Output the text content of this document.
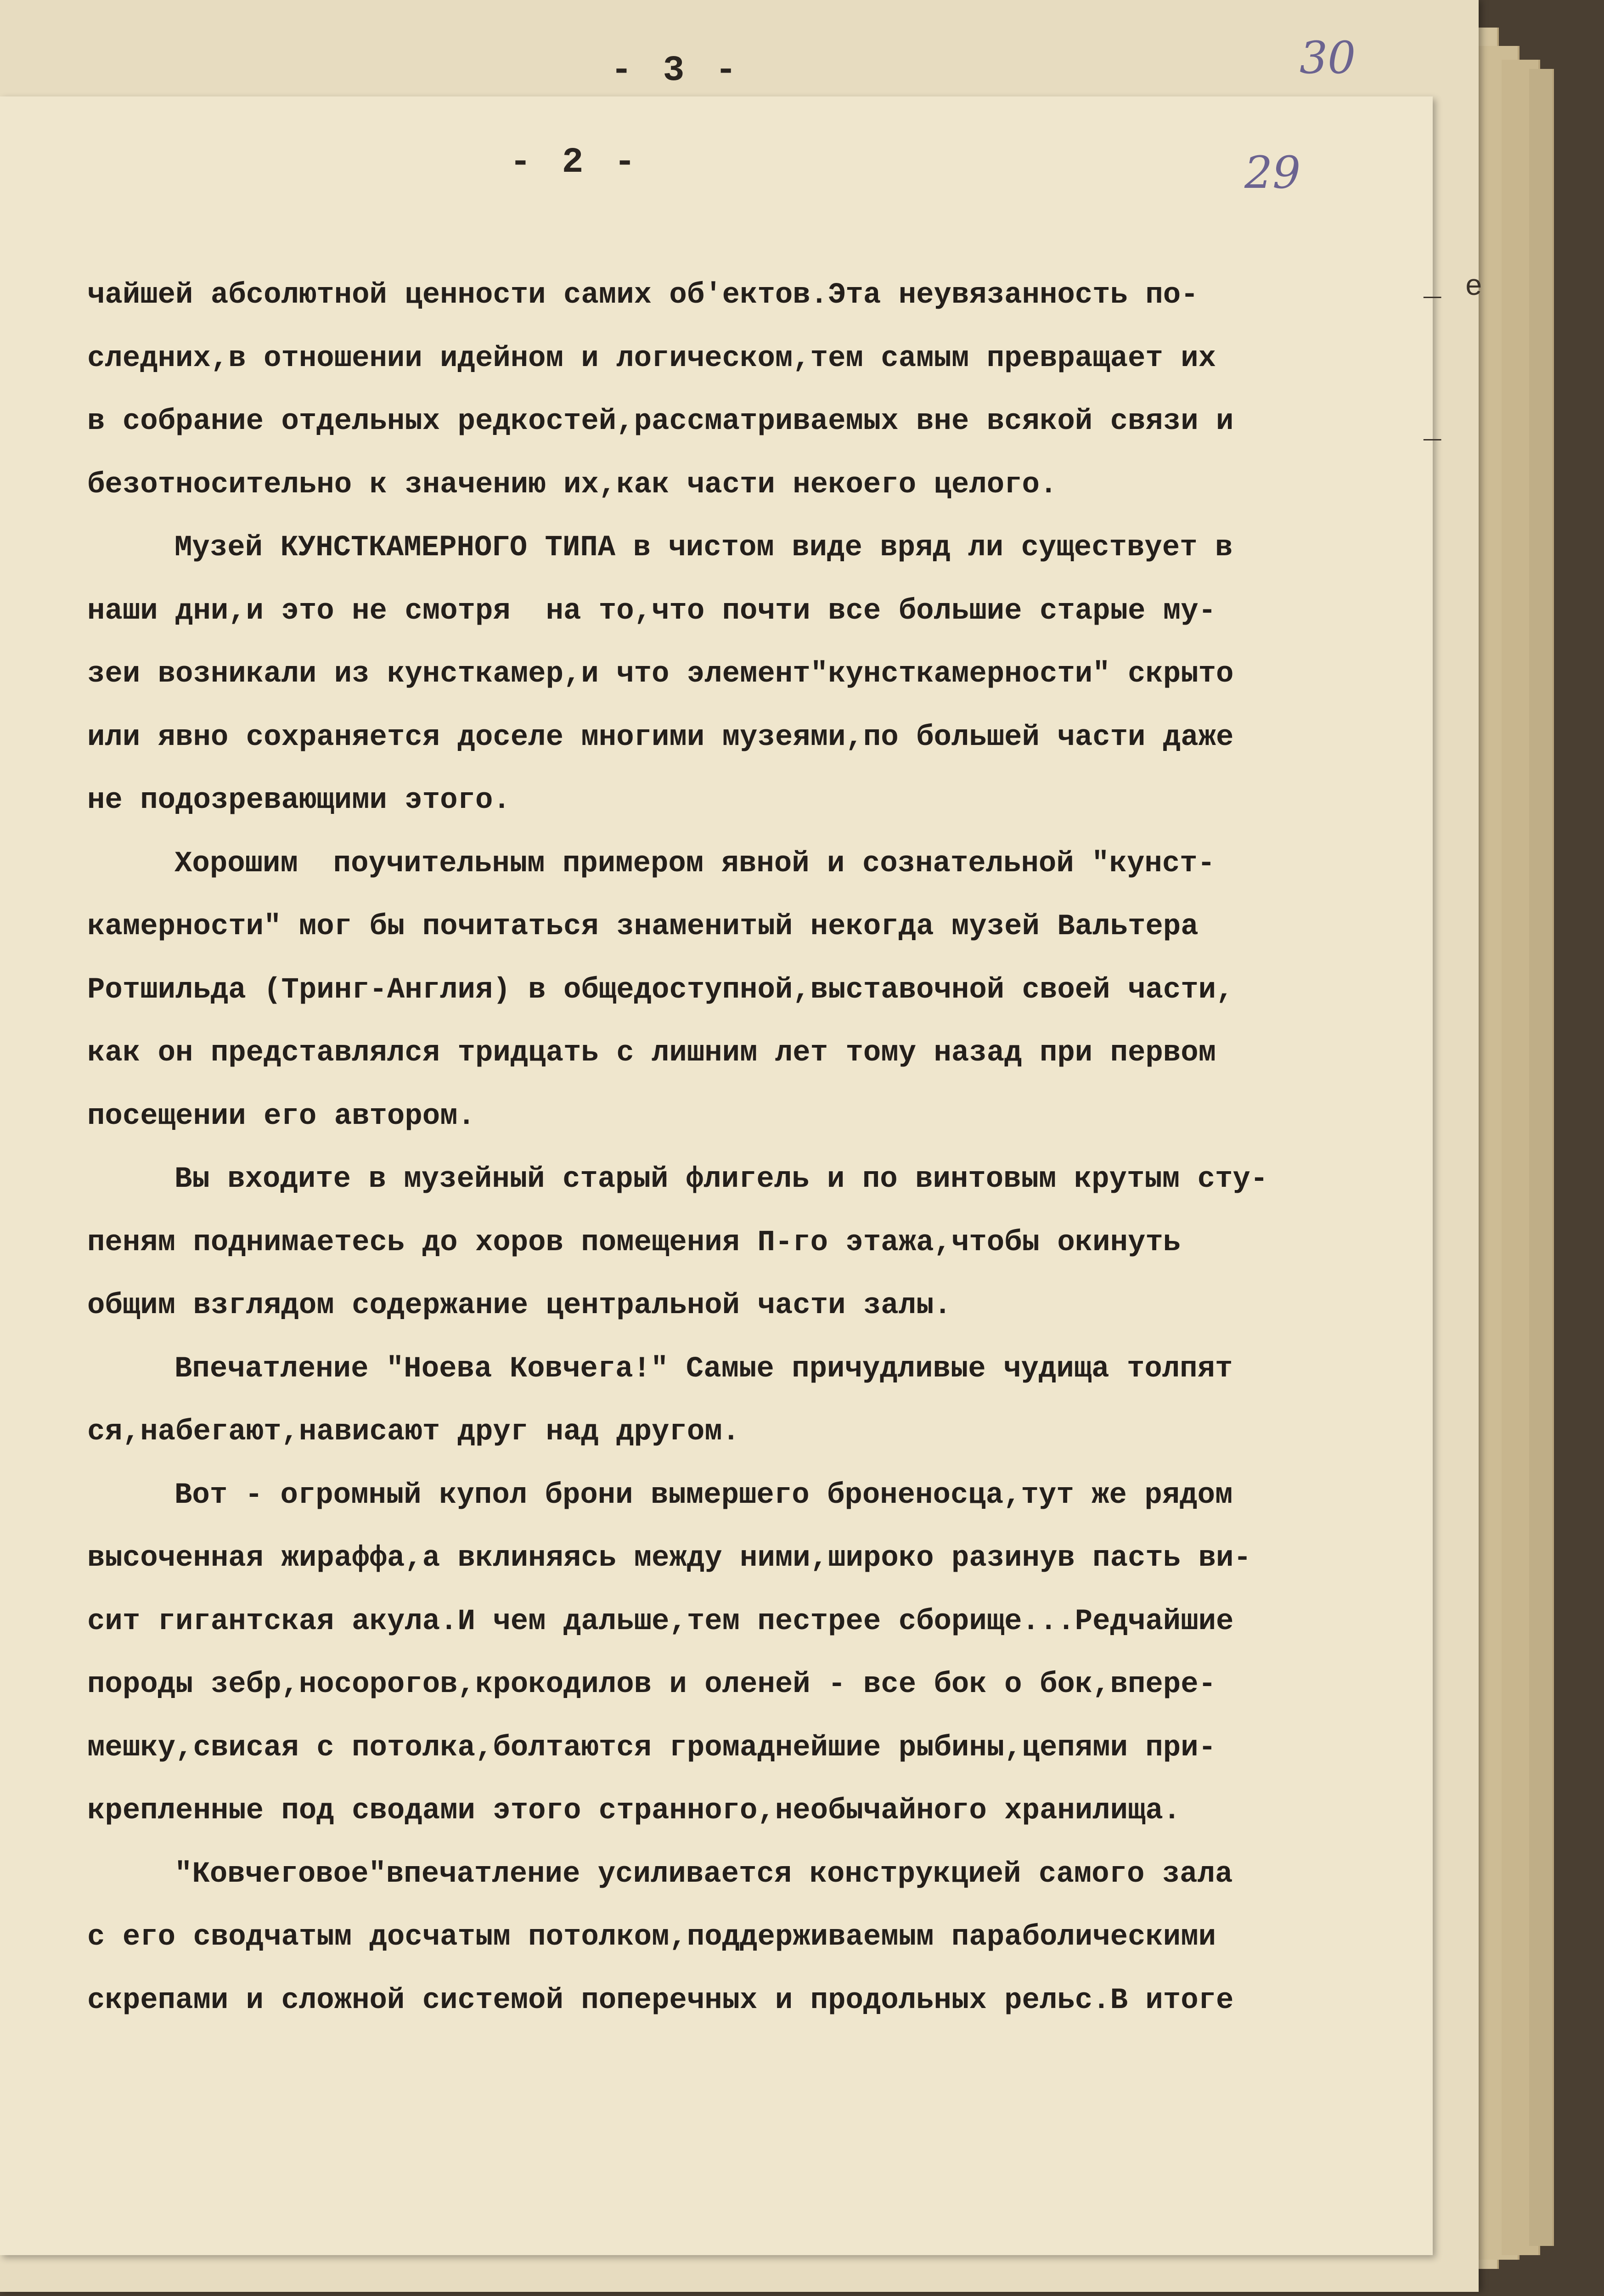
- 3 -	30
- 2 -	29
_ е
_
чайшей абсолютной ценности самих об'ектов.Эта неувязанность по-
следних,в отношении идейном и логическом,тем самым превращает их
в собрание отдельных редкостей,рассматриваемых вне всякой связи и
безотносительно к значению их,как части некоего целого.
Музей КУНСТКАМЕРНОГО ТИПА в чистом виде вряд ли существует в
наши дни,и это не смотря  на то,что почти все большие старые му-
зеи возникали из кунсткамер,и что элемент"кунсткамерности" скрыто
или явно сохраняется доселе многими музеями,по большей части даже
не подозревающими этого.
Хорошим  поучительным примером явной и сознательной "кунст-
камерности" мог бы почитаться знаменитый некогда музей Вальтера
Ротшильда (Тринг-Англия) в общедоступной,выставочной своей части,
как он представлялся тридцать с лишним лет тому назад при первом
посещении его автором.
Вы входите в музейный старый флигель и по винтовым крутым сту-
пеням поднимаетесь до хоров помещения П-го этажа,чтобы окинуть
общим взглядом содержание центральной части залы.
Впечатление "Ноева Ковчега!" Самые причудливые чудища толпят
ся,набегают,нависают друг над другом.
Вот - огромный купол брони вымершего броненосца,тут же рядом
высоченная жираффа,а вклиняясь между ними,широко разинув пасть ви-
сит гигантская акула.И чем дальше,тем пестрее сборище...Редчайшие
породы зебр,носорогов,крокодилов и оленей - все бок о бок,впере-
мешку,свисая с потолка,болтаются громаднейшие рыбины,цепями при-
крепленные под сводами этого странного,необычайного хранилища.
"Ковчеговое"впечатление усиливается конструкцией самого зала
с его сводчатым досчатым потолком,поддерживаемым параболическими
скрепами и сложной системой поперечных и продольных рельс.В итоге
